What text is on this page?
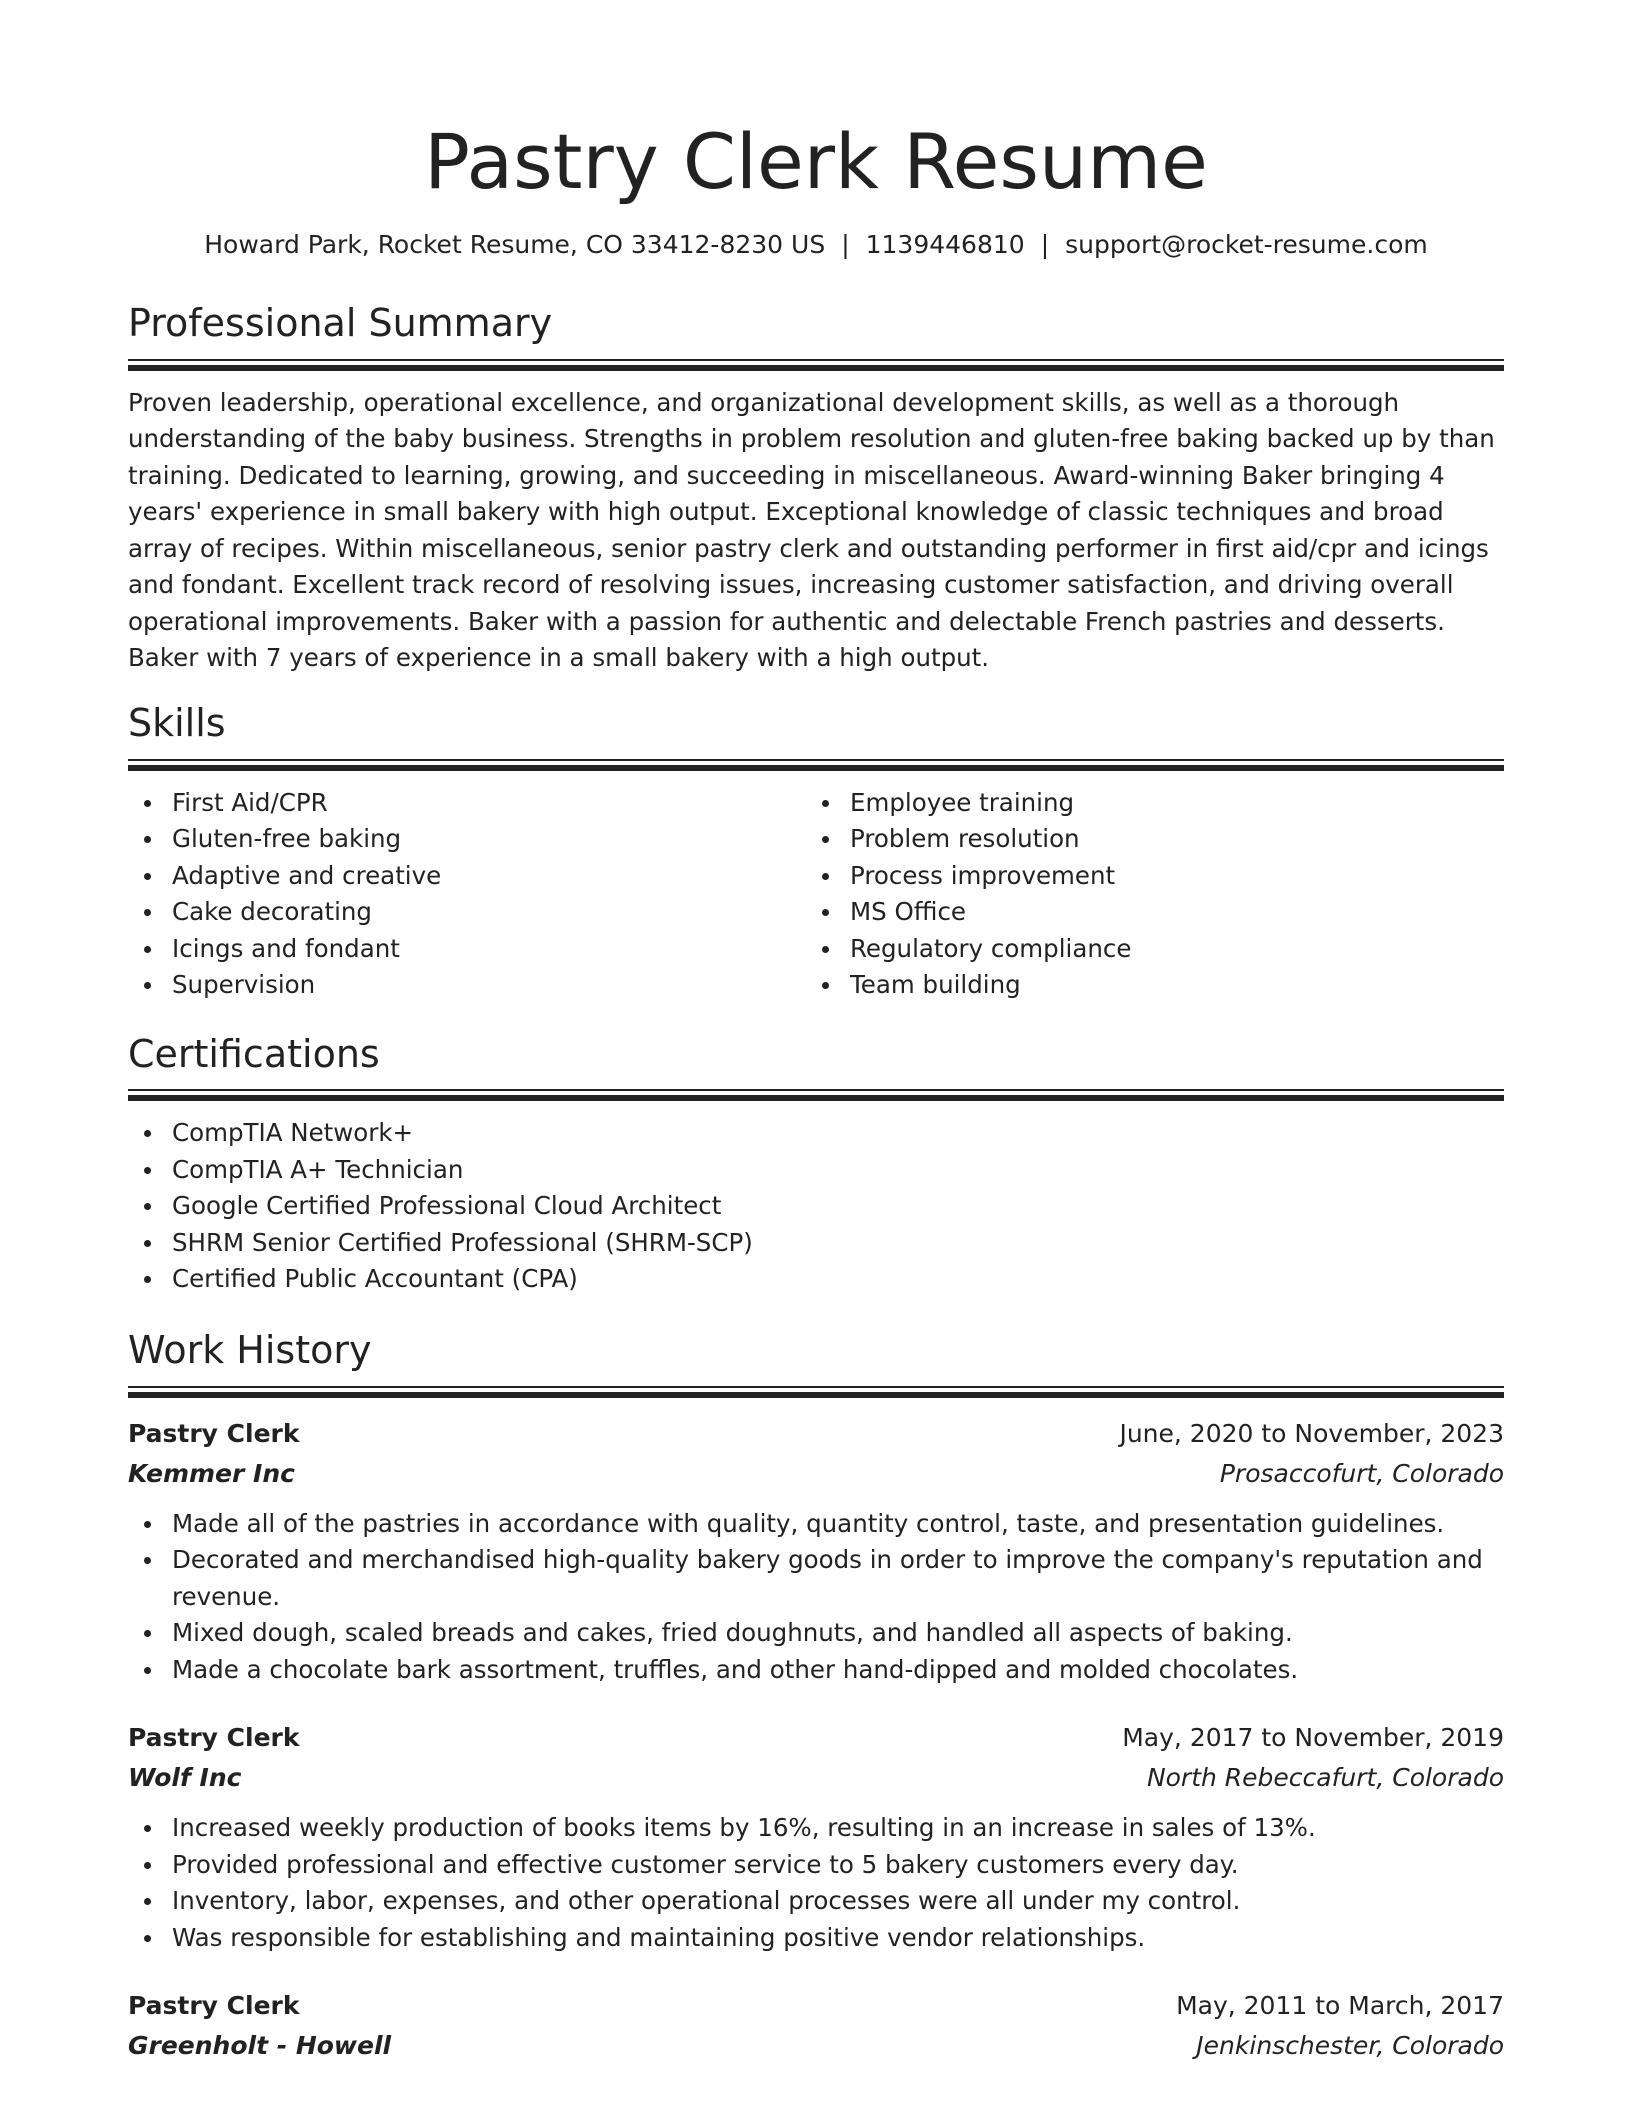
Pastry Clerk Resume
Howard Park, Rocket Resume, CO 33412-8230 US | 1139446810 | support@rocket-resume.com
Professional Summary

Proven leadership, operational excellence, and organizational development skills, as well as a thorough understanding of the baby business. Strengths in problem resolution and gluten-free baking backed up by than training. Dedicated to learning, growing, and succeeding in miscellaneous. Award-winning Baker bringing 4 years' experience in small bakery with high output. Exceptional knowledge of classic techniques and broad array of recipes. Within miscellaneous, senior pastry clerk and outstanding performer in first aid/cpr and icings and fondant. Excellent track record of resolving issues, increasing customer satisfaction, and driving overall operational improvements. Baker with a passion for authentic and delectable French pastries and desserts. Baker with 7 years of experience in a small bakery with a high output.

Skills
First Aid/CPR
Gluten-free baking
Adaptive and creative
Cake decorating
Icings and fondant
Supervision
Employee training
Problem resolution
Process improvement
MS Office
Regulatory compliance
Team building
Certifications
CompTIA Network+
CompTIA A+ Technician
Google Certified Professional Cloud Architect
SHRM Senior Certified Professional (SHRM-SCP)
Certified Public Accountant (CPA)
Work History
Pastry Clerk	June, 2020 to November, 2023
Kemmer Inc	Prosaccofurt, Colorado
Made all of the pastries in accordance with quality, quantity control, taste, and presentation guidelines.
Decorated and merchandised high-quality bakery goods in order to improve the company's reputation and revenue.
Mixed dough, scaled breads and cakes, fried doughnuts, and handled all aspects of baking.
Made a chocolate bark assortment, truffles, and other hand-dipped and molded chocolates.
Pastry Clerk	May, 2017 to November, 2019
Wolf Inc	North Rebeccafurt, Colorado
Increased weekly production of books items by 16%, resulting in an increase in sales of 13%.
Provided professional and effective customer service to 5 bakery customers every day.
Inventory, labor, expenses, and other operational processes were all under my control.
Was responsible for establishing and maintaining positive vendor relationships.
Pastry Clerk	May, 2011 to March, 2017
Greenholt - Howell	Jenkinschester, Colorado
